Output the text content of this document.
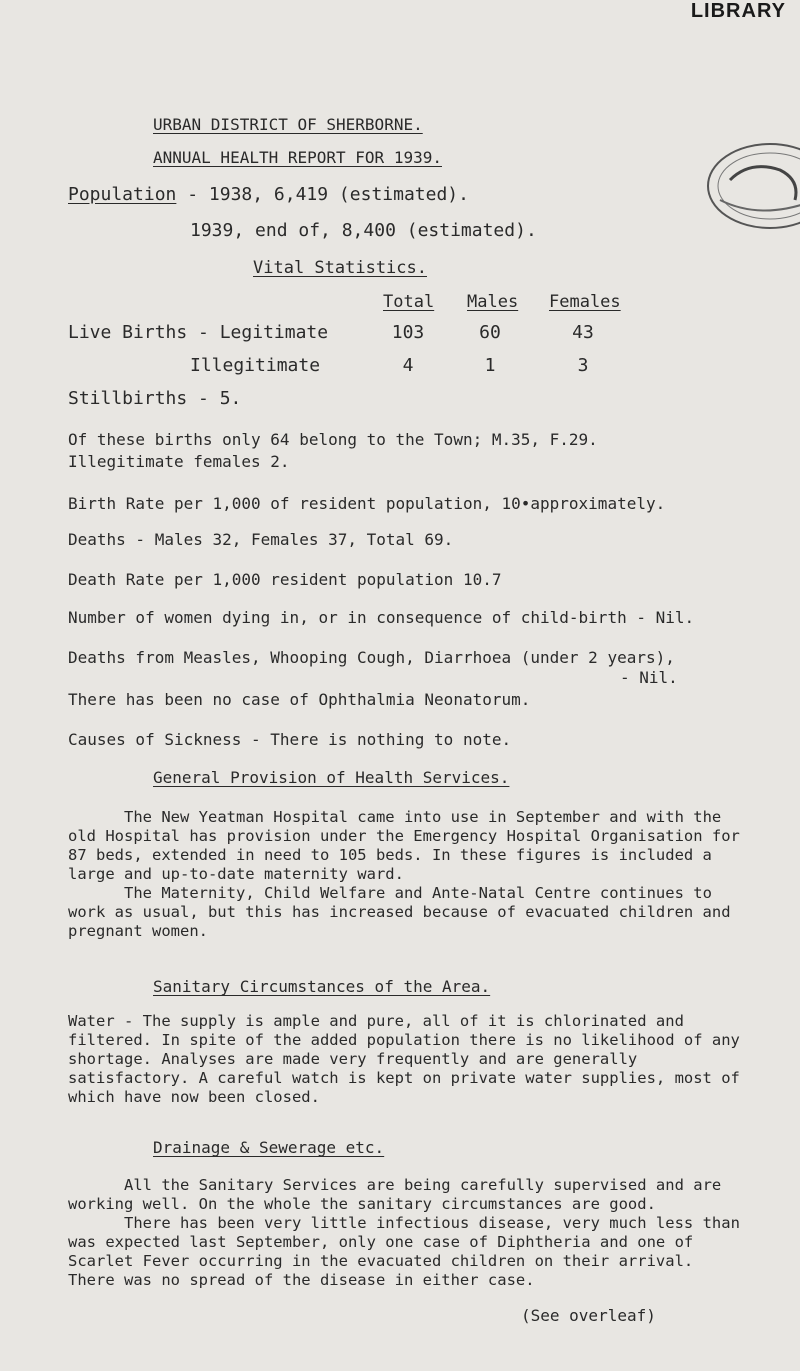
LIBRARY
URBAN DISTRICT OF SHERBORNE.
ANNUAL HEALTH REPORT FOR 1939.
Population - 1938, 6,419 (estimated).
1939, end of, 8,400 (estimated).
Vital Statistics.
Total Males Females
Live Births - Legitimate	103	60	43
Illegitimate	4	1	3
Stillbirths - 5.
Of these births only 64 belong to the Town; M.35, F.29.
Illegitimate females 2.
Birth Rate per 1,000 of resident population, 10•approximately.
Deaths - Males 32, Females 37, Total 69.
Death Rate per 1,000 resident population 10.7
Number of women dying in, or in consequence of child-birth - Nil.
Deaths from Measles, Whooping Cough, Diarrhoea (under 2 years),
- Nil.
There has been no case of Ophthalmia Neonatorum.
Causes of Sickness - There is nothing to note.
General Provision of Health Services.

The New Yeatman Hospital came into use in September and with the old Hospital has provision under the Emergency Hospital Organisation for 87 beds, extended in need to 105 beds. In these figures is included a large and up-to-date maternity ward.

The Maternity, Child Welfare and Ante-Natal Centre continues to work as usual, but this has increased because of evacuated children and pregnant women.

Sanitary Circumstances of the Area.
Water - The supply is ample and pure, all of it is chlorinated and filtered. In spite of the added population there is no likelihood of any shortage. Analyses are made very frequently and are generally satisfactory. A careful watch is kept on private water supplies, most of which have now been closed.
Drainage & Sewerage etc.

All the Sanitary Services are being carefully supervised and are working well. On the whole the sanitary circumstances are good.

There has been very little infectious disease, very much less than was expected last September, only one case of Diphtheria and one of Scarlet Fever occurring in the evacuated children on their arrival. There was no spread of the disease in either case.

(See overleaf)
